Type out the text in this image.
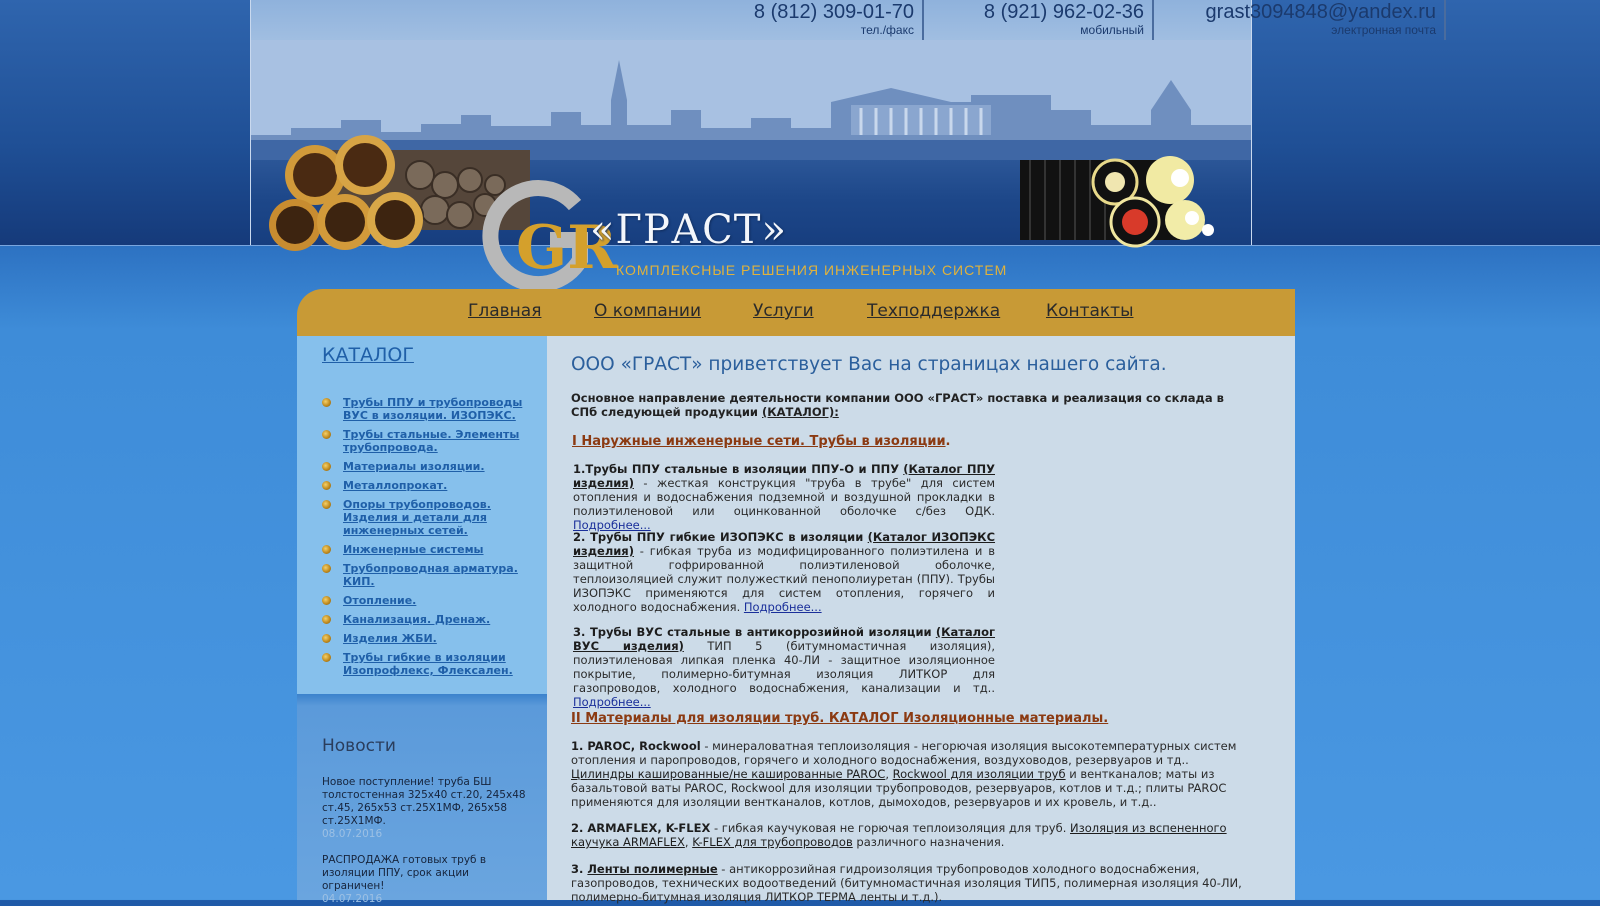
8 (812) 309-01-70
тел./факс
8 (921) 962-02-36
мобильный
grast3094848@yandex.ru
электронная почта
GR
«ГРАСТ»
КОМПЛЕКСНЫЕ РЕШЕНИЯ ИНЖЕНЕРНЫХ СИСТЕМ
Главная	О компании	Услуги	Техподдержка	Контакты
КАТАЛОГ
Трубы ППУ и трубопроводы ВУС в изоляции. ИЗОПЭКС.
Трубы стальные. Элементы трубопровода.
Материалы изоляции.
Металлопрокат.
Опоры трубопроводов. Изделия и детали для инженерных сетей.
Инженерные системы
Трубопроводная арматура. КИП.
Отопление.
Канализация. Дренаж.
Изделия ЖБИ.
Трубы гибкие в изоляции Изопрофлекс, Флексален.
Новости
Новое поступление! труба БШ толстостенная 325х40 ст.20, 245х48 ст.45, 265х53 ст.25Х1МФ, 265х58 ст.25Х1МФ.
08.07.2016
РАСПРОДАЖА готовых труб в изоляции ППУ, срок акции ограничен!
04.07.2016
ООО «ГРАСТ» приветствует Вас на страницах нашего сайта.
Основное направление деятельности компании ООО «ГРАСТ» поставка и реализация со склада в СПб следующей продукции (КАТАЛОГ):
I Наружные инженерные сети. Трубы в изоляции.
1.Трубы ППУ стальные в изоляции ППУ-О и ППУ (Каталог ППУ изделия) - жесткая конструкция "труба в трубе" для систем отопления и водоснабжения подземной и воздушной прокладки в полиэтиленовой или оцинкованной оболочке с/без ОДК. Подробнее...
2. Трубы ППУ гибкие ИЗОПЭКС в изоляции (Каталог ИЗОПЭКС изделия) - гибкая труба из модифицированного полиэтилена и в защитной гофрированной полиэтиленовой оболочке, теплоизоляцией служит полужесткий пенополиуретан (ППУ). Трубы ИЗОПЭКС применяются для систем отопления, горячего и холодного водоснабжения. Подробнее...
3. Трубы ВУС стальные в антикоррозийной изоляции (Каталог ВУС изделия) ТИП 5 (битумномастичная изоляция), полиэтиленовая липкая пленка 40-ЛИ - защитное изоляционное покрытие, полимерно-битумная изоляция ЛИТКОР для газопроводов, холодного водоснабжения, канализации и тд.. Подробнее...
II Материалы для изоляции труб. КАТАЛОГ Изоляционные материалы.
1. PAROC, Rockwool - минераловатная теплоизоляция - негорючая изоляция высокотемпературных систем отопления и паропроводов, горячего и холодного водоснабжения, воздуховодов, резервуаров и тд.. Цилиндры кашированные/не кашированные PAROC, Rockwool для изоляции труб и вентканалов; маты из базальтовой ваты PAROC, Rockwool для изоляции трубопроводов, резервуаров, котлов и т.д.; плиты PAROC применяются для изоляции вентканалов, котлов, дымоходов, резервуаров и их кровель, и т.д..
2. ARMAFLEX, K-FLEX - гибкая каучуковая не горючая теплоизоляция для труб. Изоляция из вспененного каучука ARMAFLEX, K-FLEX для трубопроводов различного назначения.
3. Ленты полимерные - антикоррозийная гидроизоляция трубопроводов холодного водоснабжения, газопроводов, технических водоотведений (битумномастичная изоляция ТИП5, полимерная изоляция 40-ЛИ, полимерно-битумная изоляция ЛИТКОР ТЕРМА ленты и т.д.).
